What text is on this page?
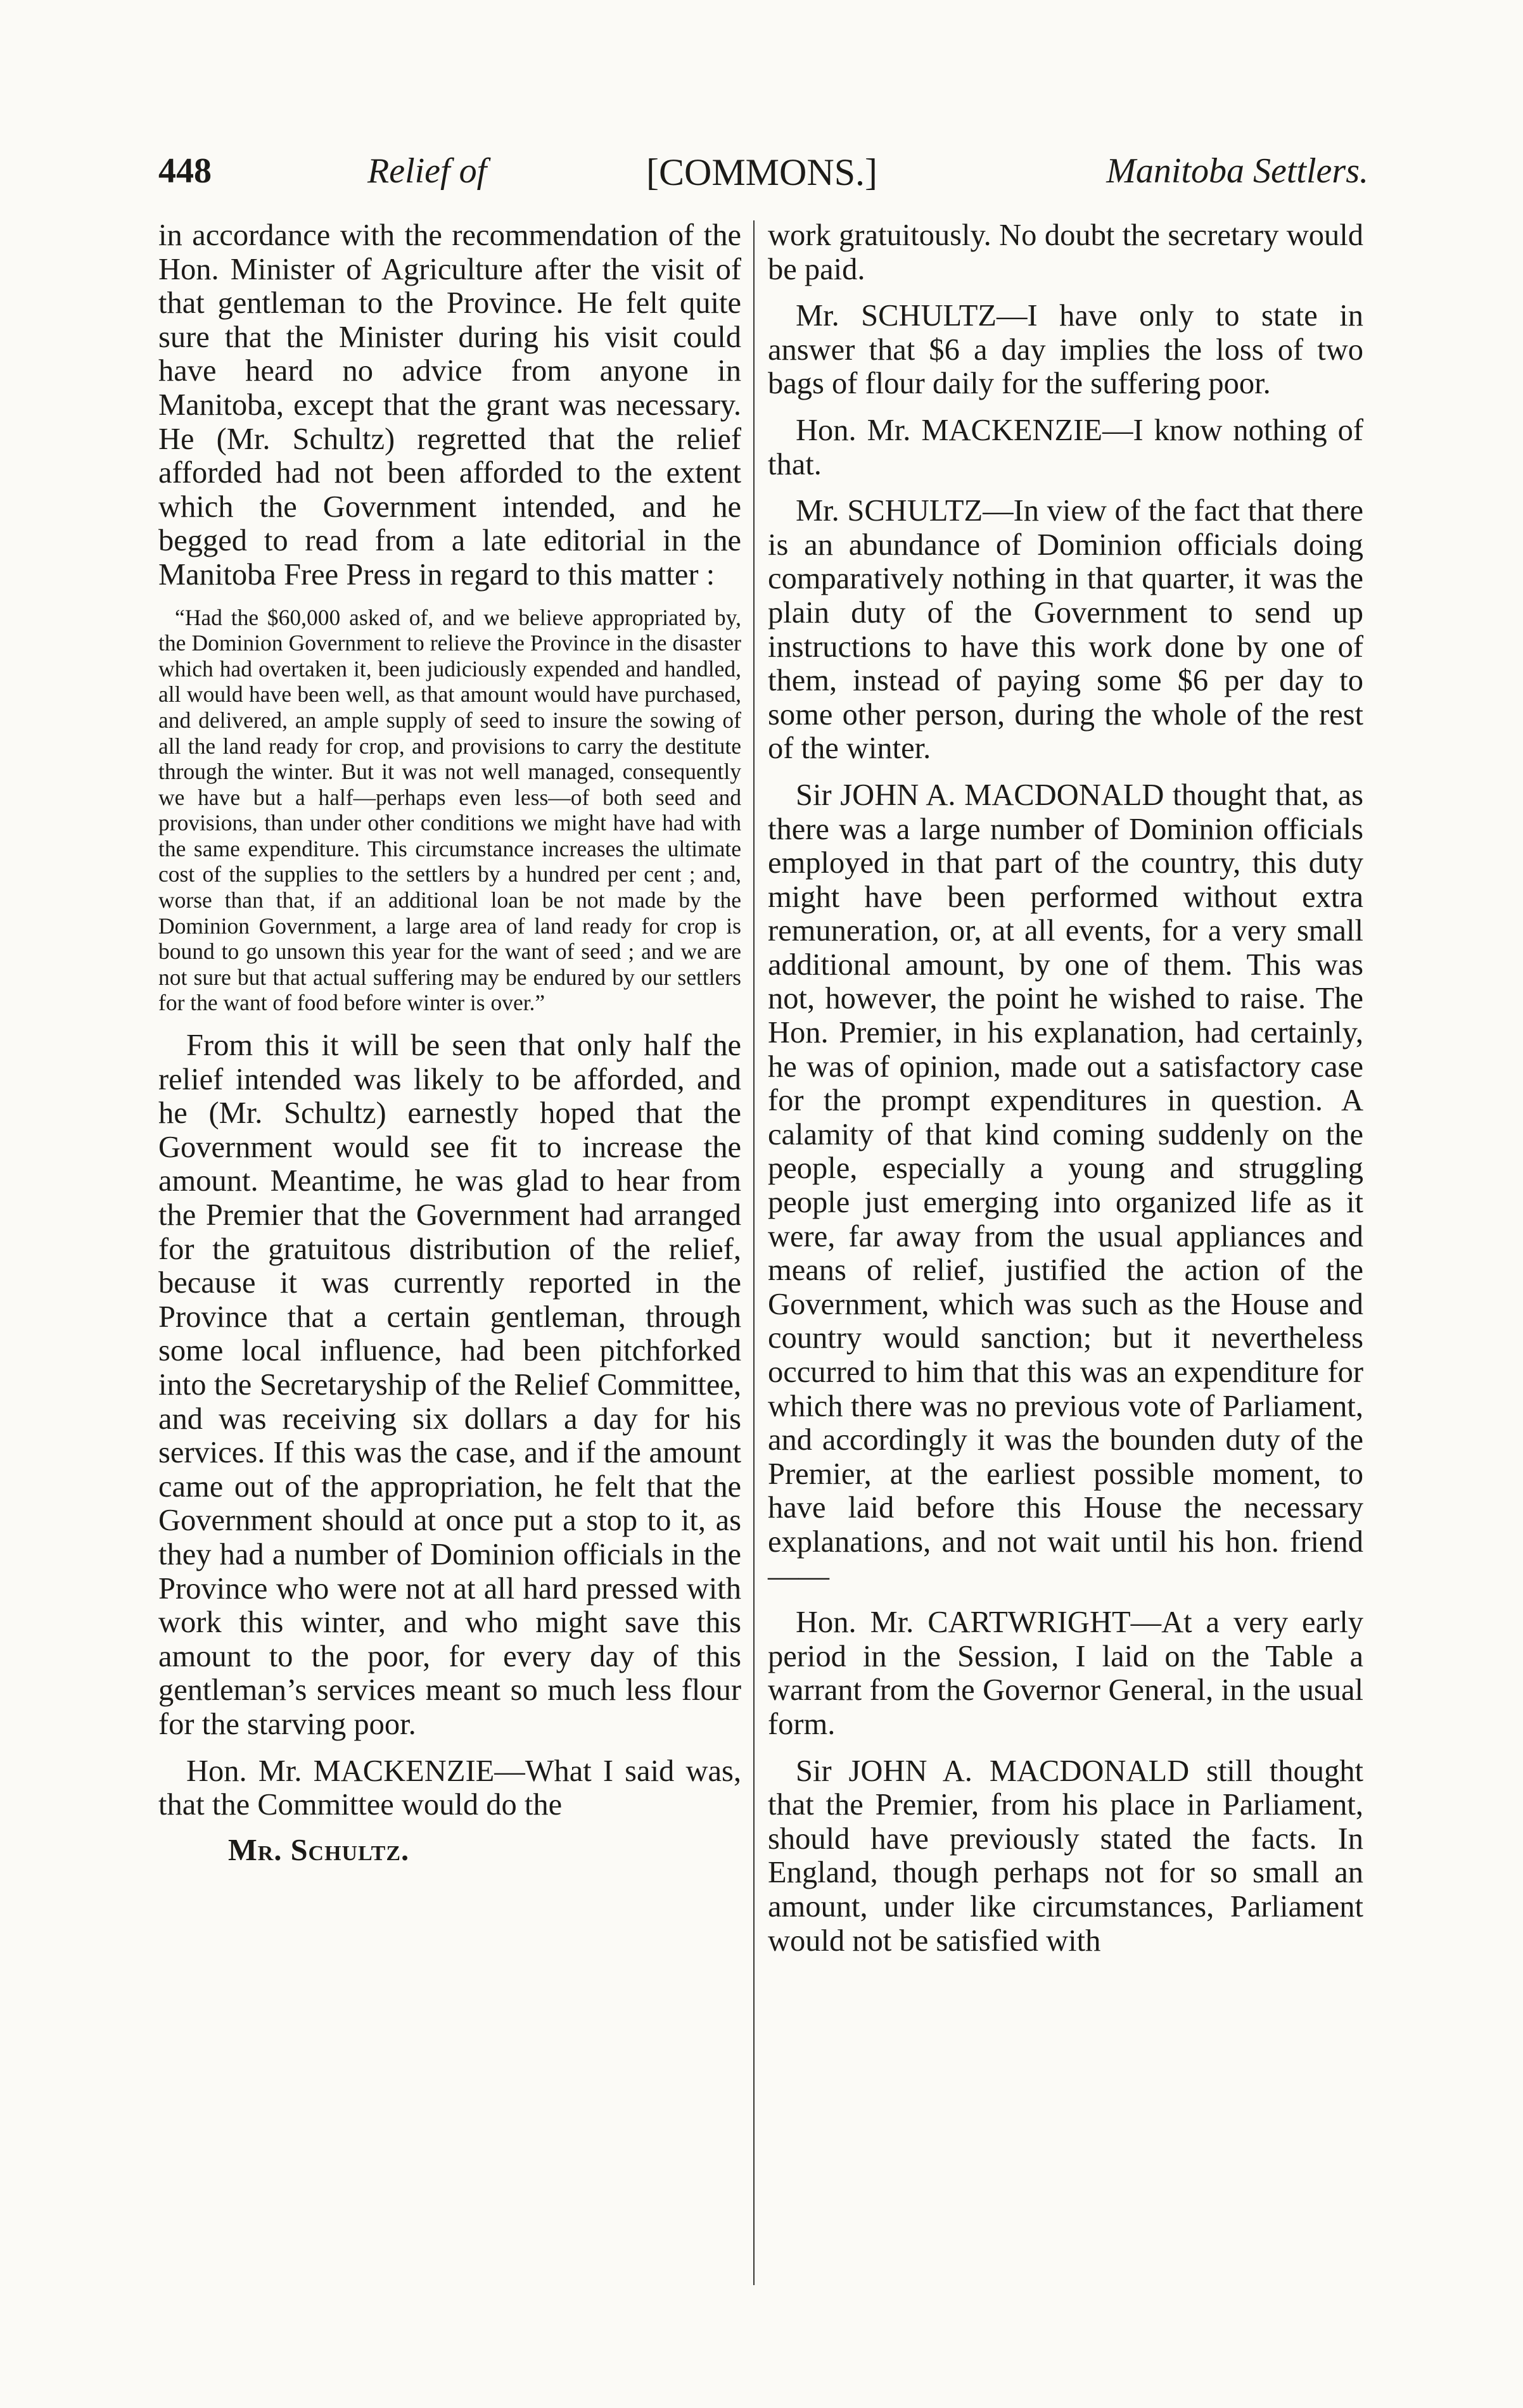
448	Relief of	[COMMONS.]	Manitoba Settlers.

in accordance with the recommendation of the Hon. Minister of Agriculture after the visit of that gentleman to the Province. He felt quite sure that the Minister during his visit could have heard no advice from anyone in Manitoba, except that the grant was necessary. He (Mr. Schultz) regretted that the relief afforded had not been afforded to the extent which the Government intended, and he begged to read from a late editorial in the Manitoba Free Press in regard to this matter :

“Had the $60,000 asked of, and we believe appropriated by, the Dominion Government to relieve the Province in the disaster which had overtaken it, been judiciously expended and handled, all would have been well, as that amount would have purchased, and delivered, an ample supply of seed to insure the sowing of all the land ready for crop, and provisions to carry the destitute through the winter. But it was not well managed, consequently we have but a half—perhaps even less—of both seed and provisions, than under other conditions we might have had with the same expenditure. This circumstance increases the ultimate cost of the supplies to the settlers by a hundred per cent ; and, worse than that, if an additional loan be not made by the Dominion Government, a large area of land ready for crop is bound to go unsown this year for the want of seed ; and we are not sure but that actual suffering may be endured by our settlers for the want of food before winter is over.”

From this it will be seen that only half the relief intended was likely to be afforded, and he (Mr. Schultz) earnestly hoped that the Government would see fit to increase the amount. Meantime, he was glad to hear from the Premier that the Government had arranged for the gratuitous distribution of the relief, because it was currently reported in the Province that a certain gentleman, through some local influence, had been pitchforked into the Secretaryship of the Relief Committee, and was receiving six dollars a day for his services. If this was the case, and if the amount came out of the appropriation, he felt that the Government should at once put a stop to it, as they had a number of Dominion officials in the Province who were not at all hard pressed with work this winter, and who might save this amount to the poor, for every day of this gentleman’s services meant so much less flour for the starving poor.

Hon. Mr. MACKENZIE—What I said was, that the Committee would do the

Mr. Schultz.

work gratuitously. No doubt the secretary would be paid.

Mr. SCHULTZ—I have only to state in answer that $6 a day implies the loss of two bags of flour daily for the suffering poor.

Hon. Mr. MACKENZIE—I know nothing of that.

Mr. SCHULTZ—In view of the fact that there is an abundance of Dominion officials doing comparatively nothing in that quarter, it was the plain duty of the Government to send up instructions to have this work done by one of them, instead of paying some $6 per day to some other person, during the whole of the rest of the winter.

Sir JOHN A. MACDONALD thought that, as there was a large number of Dominion officials employed in that part of the country, this duty might have been performed without extra remuneration, or, at all events, for a very small additional amount, by one of them. This was not, however, the point he wished to raise. The Hon. Premier, in his explanation, had certainly, he was of opinion, made out a satisfactory case for the prompt expenditures in question. A calamity of that kind coming suddenly on the people, especially a young and struggling people just emerging into organized life as it were, far away from the usual appliances and means of relief, justified the action of the Government, which was such as the House and country would sanction; but it nevertheless occurred to him that this was an expenditure for which there was no previous vote of Parliament, and accordingly it was the bounden duty of the Premier, at the earliest possible moment, to have laid before this House the necessary explanations, and not wait until his hon. friend——

Hon. Mr. CARTWRIGHT—At a very early period in the Session, I laid on the Table a warrant from the Governor General, in the usual form.

Sir JOHN A. MACDONALD still thought that the Premier, from his place in Parliament, should have previously stated the facts. In England, though perhaps not for so small an amount, under like circumstances, Parliament would not be satisfied with
